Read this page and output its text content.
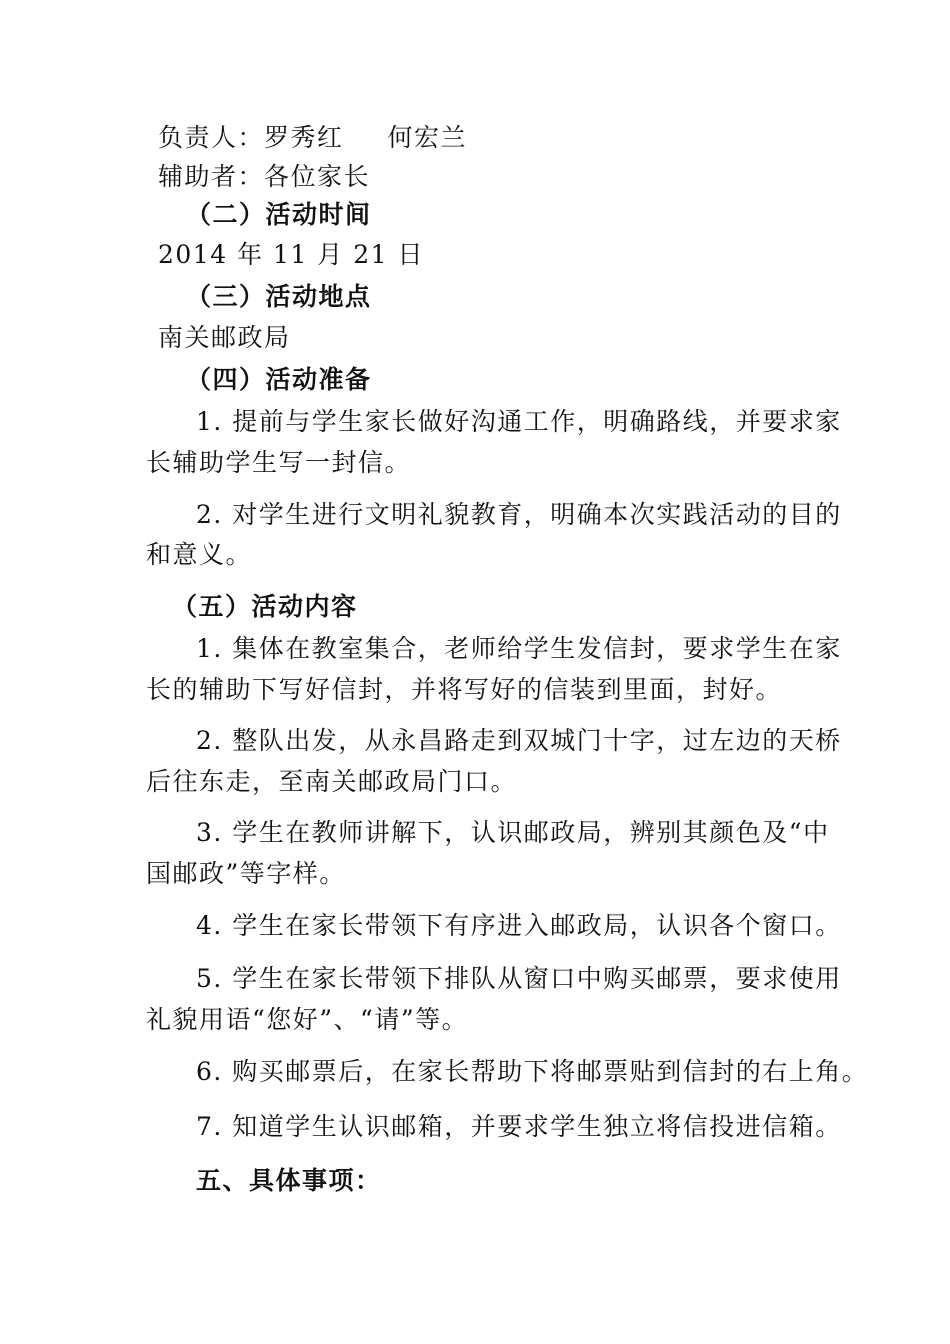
负责人：罗秀红 何宏兰
辅助者：各位家长
（二）活动时间
2014 年 11 月 21 日
（三）活动地点
南关邮政局
（四）活动准备
1. 提前与学生家长做好沟通工作，明确路线，并要求家
长辅助学生写一封信。
2. 对学生进行文明礼貌教育，明确本次实践活动的目的
和意义。
（五）活动内容
1. 集体在教室集合，老师给学生发信封，要求学生在家
长的辅助下写好信封，并将写好的信装到里面，封好。
2. 整队出发，从永昌路走到双城门十字，过左边的天桥
后往东走，至南关邮政局门口。
3. 学生在教师讲解下，认识邮政局，辨别其颜色及“中
国邮政”等字样。
4. 学生在家长带领下有序进入邮政局，认识各个窗口。
5. 学生在家长带领下排队从窗口中购买邮票，要求使用
礼貌用语“您好”、“请”等。
6. 购买邮票后，在家长帮助下将邮票贴到信封的右上角。
7. 知道学生认识邮箱，并要求学生独立将信投进信箱。
五、具体事项：
